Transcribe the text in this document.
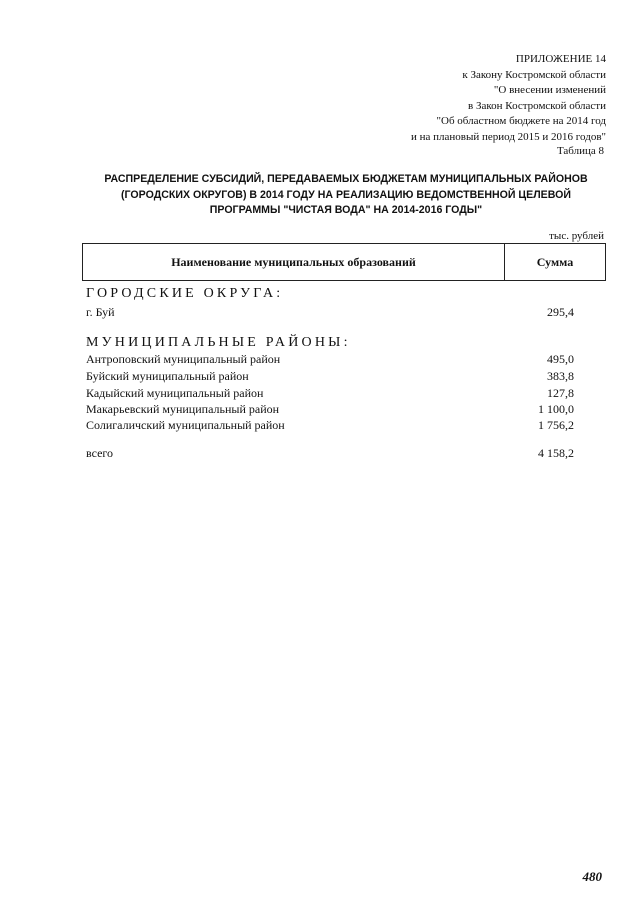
ПРИЛОЖЕНИЕ 14
к Закону Костромской области
"О внесении изменений
в Закон Костромской области
"Об областном бюджете на 2014 год
и на плановый период 2015 и 2016 годов"
Таблица 8
РАСПРЕДЕЛЕНИЕ СУБСИДИЙ, ПЕРЕДАВАЕМЫХ БЮДЖЕТАМ МУНИЦИПАЛЬНЫХ РАЙОНОВ
(ГОРОДСКИХ ОКРУГОВ) В 2014 ГОДУ НА РЕАЛИЗАЦИЮ ВЕДОМСТВЕННОЙ ЦЕЛЕВОЙ
ПРОГРАММЫ "ЧИСТАЯ ВОДА" НА 2014-2016 ГОДЫ"
тыс. рублей
Наименование муниципальных образований	Сумма
ГОРОДСКИЕ ОКРУГА:
г. Буй	295,4
МУНИЦИПАЛЬНЫЕ РАЙОНЫ:
Антроповский муниципальный район	495,0
Буйский муниципальный район	383,8
Кадыйский муниципальный район	127,8
Макарьевский муниципальный район	1 100,0
Солигаличский муниципальный район	1 756,2
всего	4 158,2
480
